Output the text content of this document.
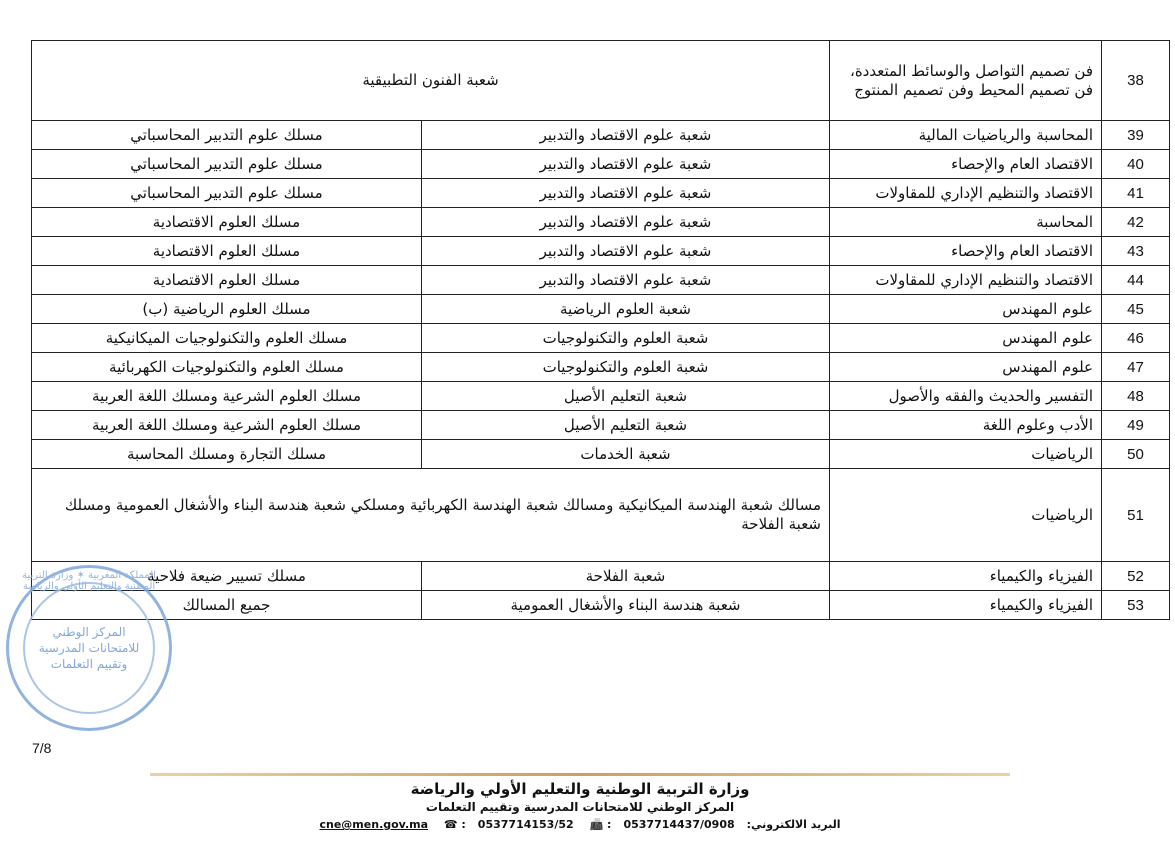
شعبة الفنون التطبيقية		فن تصميم التواصل والوسائط المتعددة، فن تصميم المحيط وفن تصميم المنتوج	38
مسلك علوم التدبير المحاسباتي	شعبة علوم الاقتصاد والتدبير	المحاسبة والرياضيات المالية	39
مسلك علوم التدبير المحاسباتي	شعبة علوم الاقتصاد والتدبير	الاقتصاد العام والإحصاء	40
مسلك علوم التدبير المحاسباتي	شعبة علوم الاقتصاد والتدبير	الاقتصاد والتنظيم الإداري للمقاولات	41
مسلك العلوم الاقتصادية	شعبة علوم الاقتصاد والتدبير	المحاسبة	42
مسلك العلوم الاقتصادية	شعبة علوم الاقتصاد والتدبير	الاقتصاد العام والإحصاء	43
مسلك العلوم الاقتصادية	شعبة علوم الاقتصاد والتدبير	الاقتصاد والتنظيم الإداري للمقاولات	44
مسلك العلوم الرياضية (ب)	شعبة العلوم الرياضية	علوم المهندس	45
مسلك العلوم والتكنولوجيات الميكانيكية	شعبة العلوم والتكنولوجيات	علوم المهندس	46
مسلك العلوم والتكنولوجيات الكهربائية	شعبة العلوم والتكنولوجيات	علوم المهندس	47
مسلك العلوم الشرعية ومسلك اللغة العربية	شعبة التعليم الأصيل	التفسير والحديث والفقه والأصول	48
مسلك العلوم الشرعية ومسلك اللغة العربية	شعبة التعليم الأصيل	الأدب وعلوم اللغة	49
مسلك التجارة ومسلك المحاسبة	شعبة الخدمات	الرياضيات	50
مسالك شعبة الهندسة الميكانيكية ومسالك شعبة الهندسة الكهربائية ومسلكي شعبة هندسة البناء والأشغال العمومية ومسلك شعبة الفلاحة		الرياضيات	51
مسلك تسيير ضيعة فلاحية	شعبة الفلاحة	الفيزياء والكيمياء	52
جميع المسالك	شعبة هندسة البناء والأشغال العمومية	الفيزياء والكيمياء	53
المملكة المغربية ✶ وزارة التربية الوطنية والتعليم الأولي والرياضة
المركز الوطني للامتحانات المدرسية وتقييم التعلمات
7/8
وزارة التربية الوطنية والتعليم الأولي والرياضة
المركز الوطني للامتحانات المدرسية وتقييم التعلمات
البريد الالكتروني:cne@men.gov.ma ☎ : 0537714153/52 📠 : 0537714437/0908
